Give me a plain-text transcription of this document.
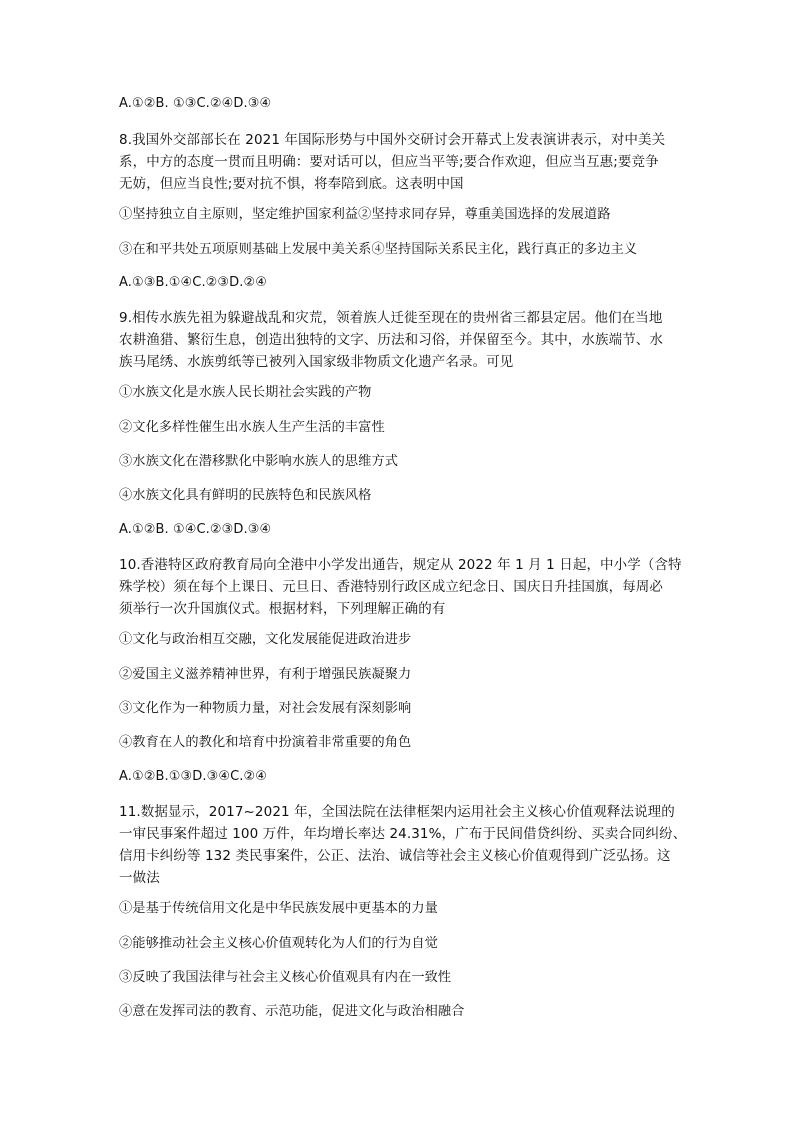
A.①②B. ①③C.②④D.③④
8.我国外交部部长在 2021 年国际形势与中国外交研讨会开幕式上发表演讲表示，对中美关
系，中方的态度一贯而且明确：要对话可以，但应当平等;要合作欢迎，但应当互惠;要竞争
无妨，但应当良性;要对抗不惧，将奉陪到底。这表明中国
①坚持独立自主原则，坚定维护国家利益②坚持求同存异，尊重美国选择的发展道路
③在和平共处五项原则基础上发展中美关系④坚持国际关系民主化，践行真正的多边主义
A.①③B.①④C.②③D.②④
9.相传水族先祖为躲避战乱和灾荒，领着族人迁徙至现在的贵州省三都县定居。他们在当地
农耕渔猎、繁衍生息，创造出独特的文字、历法和习俗，并保留至今。其中，水族端节、水
族马尾绣、水族剪纸等已被列入国家级非物质文化遗产名录。可见
①水族文化是水族人民长期社会实践的产物
②文化多样性催生出水族人生产生活的丰富性
③水族文化在潜移默化中影响水族人的思维方式
④水族文化具有鲜明的民族特色和民族风格
A.①②B. ①④C.②③D.③④
10.香港特区政府教育局向全港中小学发出通告，规定从 2022 年 1 月 1 日起，中小学（含特
殊学校）须在每个上课日、元旦日、香港特别行政区成立纪念日、国庆日升挂国旗，每周必
须举行一次升国旗仪式。根据材料，下列理解正确的有
①文化与政治相互交融，文化发展能促进政治进步
②爱国主义滋养精神世界，有利于增强民族凝聚力
③文化作为一种物质力量，对社会发展有深刻影响
④教育在人的教化和培育中扮演着非常重要的角色
A.①②B.①③D.③④C.②④
11.数据显示，2017~2021 年，全国法院在法律框架内运用社会主义核心价值观释法说理的
一审民事案件超过 100 万件，年均增长率达 24.31%，广布于民间借贷纠纷、买卖合同纠纷、
信用卡纠纷等 132 类民事案件，公正、法治、诚信等社会主义核心价值观得到广泛弘扬。这
一做法
①是基于传统信用文化是中华民族发展中更基本的力量
②能够推动社会主义核心价值观转化为人们的行为自觉
③反映了我国法律与社会主义核心价值观具有内在一致性
④意在发挥司法的教育、示范功能，促进文化与政治相融合
